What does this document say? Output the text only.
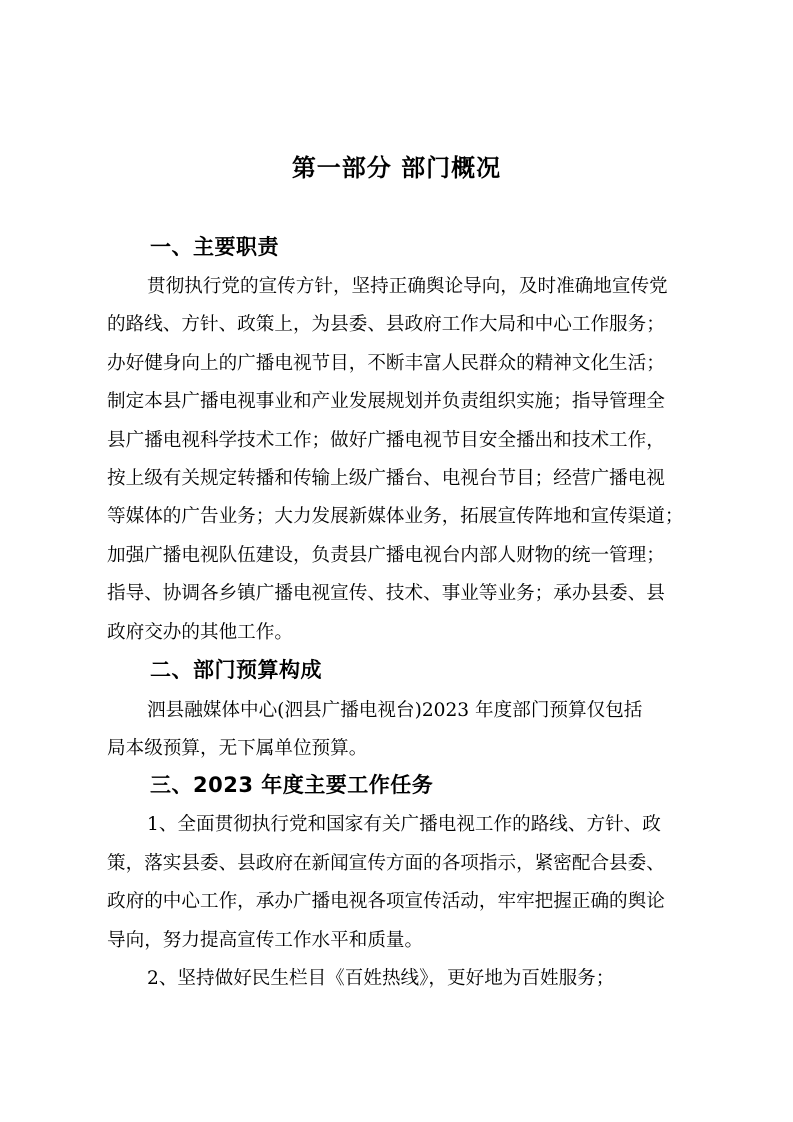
第一部分 部门概况
一、主要职责
贯彻执行党的宣传方针，坚持正确舆论导向，及时准确地宣传党
的路线、方针、政策上，为县委、县政府工作大局和中心工作服务；
办好健身向上的广播电视节目，不断丰富人民群众的精神文化生活；
制定本县广播电视事业和产业发展规划并负责组织实施；指导管理全
县广播电视科学技术工作；做好广播电视节目安全播出和技术工作，
按上级有关规定转播和传输上级广播台、电视台节目；经营广播电视
等媒体的广告业务；大力发展新媒体业务，拓展宣传阵地和宣传渠道；
加强广播电视队伍建设，负责县广播电视台内部人财物的统一管理；
指导、协调各乡镇广播电视宣传、技术、事业等业务；承办县委、县
政府交办的其他工作。
二、部门预算构成
泗县融媒体中心(泗县广播电视台)2023 年度部门预算仅包括
局本级预算，无下属单位预算。
三、2023 年度主要工作任务
1、全面贯彻执行党和国家有关广播电视工作的路线、方针、政
策，落实县委、县政府在新闻宣传方面的各项指示，紧密配合县委、
政府的中心工作，承办广播电视各项宣传活动，牢牢把握正确的舆论
导向，努力提高宣传工作水平和质量。
2、坚持做好民生栏目《百姓热线》，更好地为百姓服务；
